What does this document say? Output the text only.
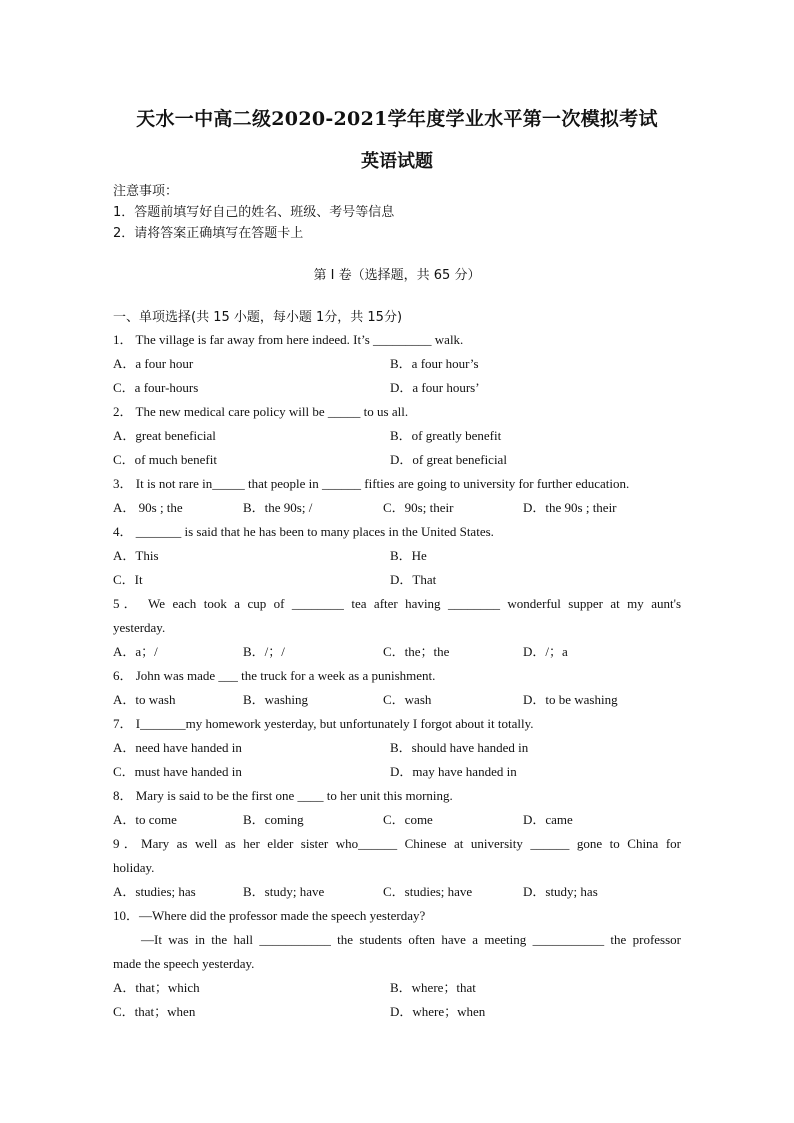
天水一中高二级2020-2021学年度学业水平第一次模拟考试
英语试题
注意事项：
1．答题前填写好自己的姓名、班级、考号等信息
2．请将答案正确填写在答题卡上
第 I 卷（选择题，共 65 分）
一、单项选择(共 15 小题，每小题 1分，共 15分)
1． The village is far away from here indeed. It’s _________ walk.
A．a four hour	B．a four hour’s
C．a four-hours	D．a four hours’
2． The new medical care policy will be _____ to us all.
A．great beneficial	B．of greatly benefit
C．of much benefit	D．of great beneficial
3． It is not rare in_____ that people in ______ fifties are going to university for further education.
A． 90s ; the	B．the 90s; /	C．90s; their	D．the 90s ; their
4． _______ is said that he has been to many places in the United States.
A．This	B．He
C．It	D．That
5． We each took a cup of ________ tea after having ________ wonderful supper at my aunt's
yesterday.
A．a；/	B．/；/	C．the；the	D．/；a
6． John was made ___ the truck for a week as a punishment.
A．to wash	B．washing	C．wash	D．to be washing
7． I_______my homework yesterday, but unfortunately I forgot about it totally.
A．need have handed in	B．should have handed in
C．must have handed in	D．may have handed in
8． Mary is said to be the first one ____ to her unit this morning.
A．to come	B．coming	C．come	D．came
9．Mary as well as her elder sister who______ Chinese at university ______ gone to China for
holiday.
A．studies; has	B．study; have	C．studies; have	D．study; has
10．—Where did the professor made the speech yesterday?
—It was in the hall ___________ the students often have a meeting ___________ the professor
made the speech yesterday.
A．that；which	B．where；that
C．that；when	D．where；when
